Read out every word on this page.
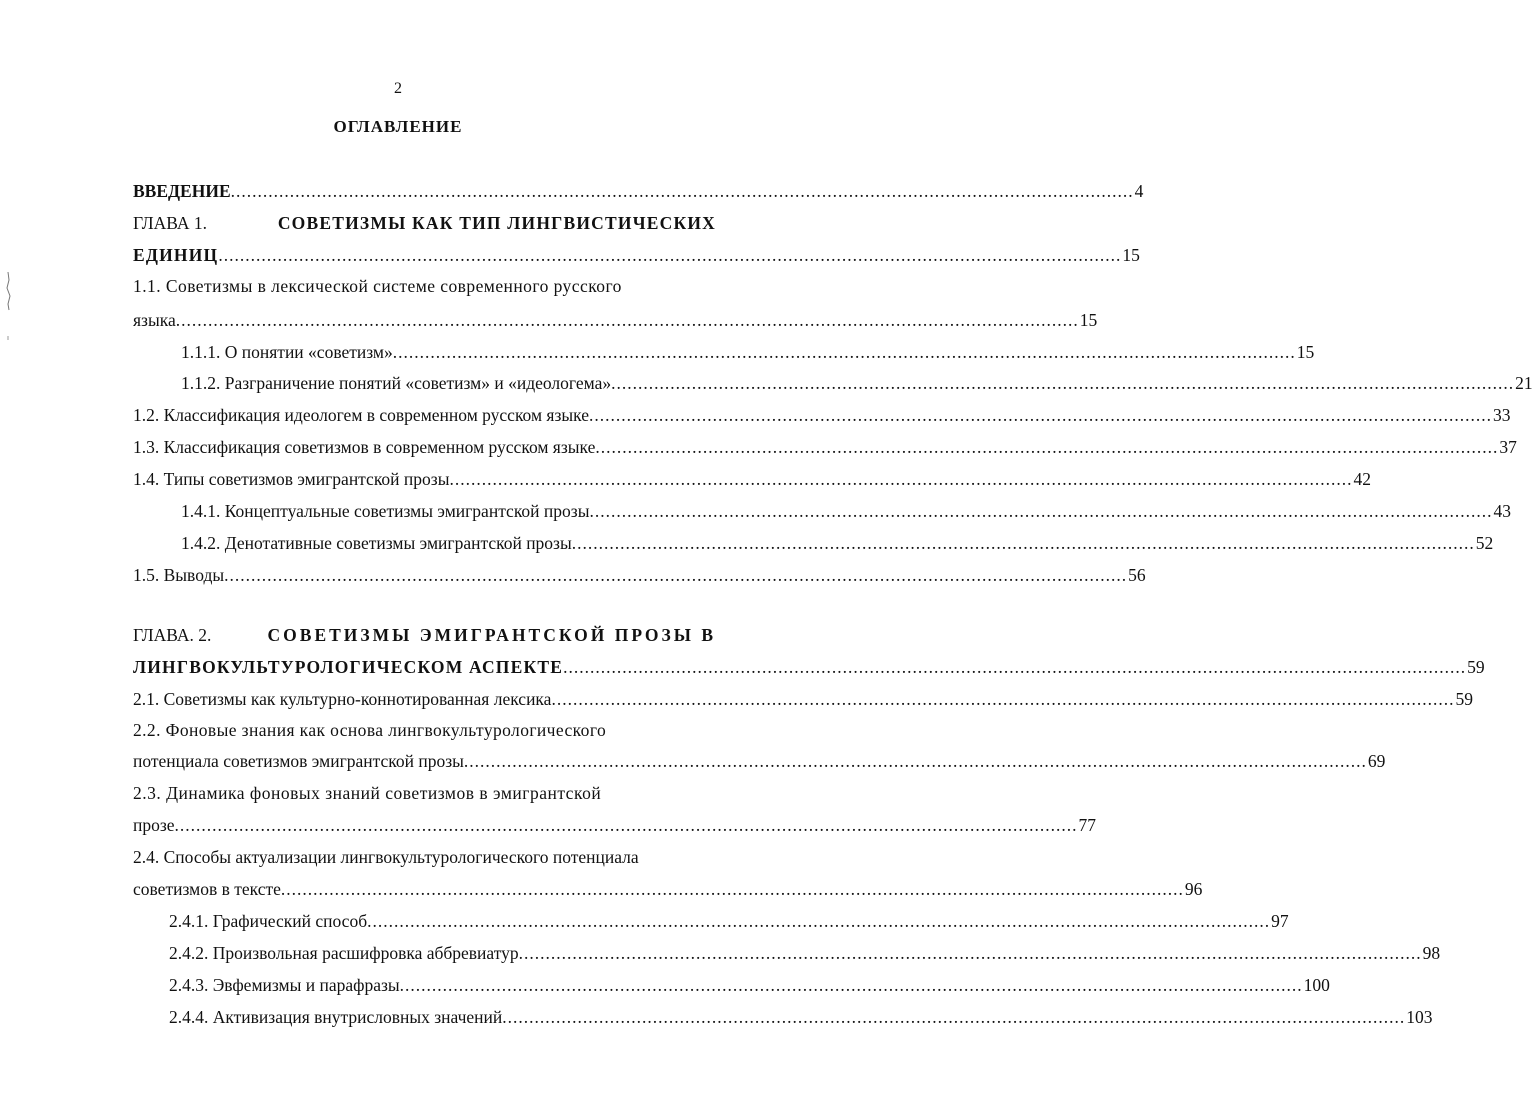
2
ОГЛАВЛЕНИЕ
ВВЕДЕНИЕ ........................................................................................................................................................................ 4
ГЛАВА 1.	СОВЕТИЗМЫ КАК ТИП ЛИНГВИСТИЧЕСКИХ
ЕДИНИЦ ........................................................................................................................................................................ 15
1.1. Советизмы в лексической системе современного русского
языка ........................................................................................................................................................................ 15
1.1.1. О понятии «советизм» ........................................................................................................................................................................ 15
1.1.2. Разграничение понятий «советизм» и «идеологема» ........................................................................................................................................................................ 21
1.2. Классификация идеологем в современном русском языке ........................................................................................................................................................................ 33
1.3. Классификация советизмов в современном русском языке ........................................................................................................................................................................ 37
1.4. Типы советизмов эмигрантской прозы ........................................................................................................................................................................ 42
1.4.1. Концептуальные советизмы эмигрантской прозы ........................................................................................................................................................................ 43
1.4.2. Денотативные советизмы эмигрантской прозы ........................................................................................................................................................................ 52
1.5. Выводы ........................................................................................................................................................................ 56
ГЛАВА. 2.	СОВЕТИЗМЫ ЭМИГРАНТСКОЙ ПРОЗЫ В
ЛИНГВОКУЛЬТУРОЛОГИЧЕСКОМ АСПЕКТЕ ........................................................................................................................................................................ 59
2.1. Советизмы как культурно-коннотированная лексика ........................................................................................................................................................................ 59
2.2. Фоновые знания как основа лингвокультурологического
потенциала советизмов эмигрантской прозы ........................................................................................................................................................................ 69
2.3. Динамика фоновых знаний советизмов в эмигрантской
прозе ........................................................................................................................................................................ 77
2.4. Способы актуализации лингвокультурологического потенциала
советизмов в тексте ........................................................................................................................................................................ 96
2.4.1. Графический способ ........................................................................................................................................................................ 97
2.4.2. Произвольная расшифровка аббревиатур ........................................................................................................................................................................ 98
2.4.3. Эвфемизмы и парафразы ........................................................................................................................................................................ 100
2.4.4. Активизация внутрисловных значений ........................................................................................................................................................................ 103
